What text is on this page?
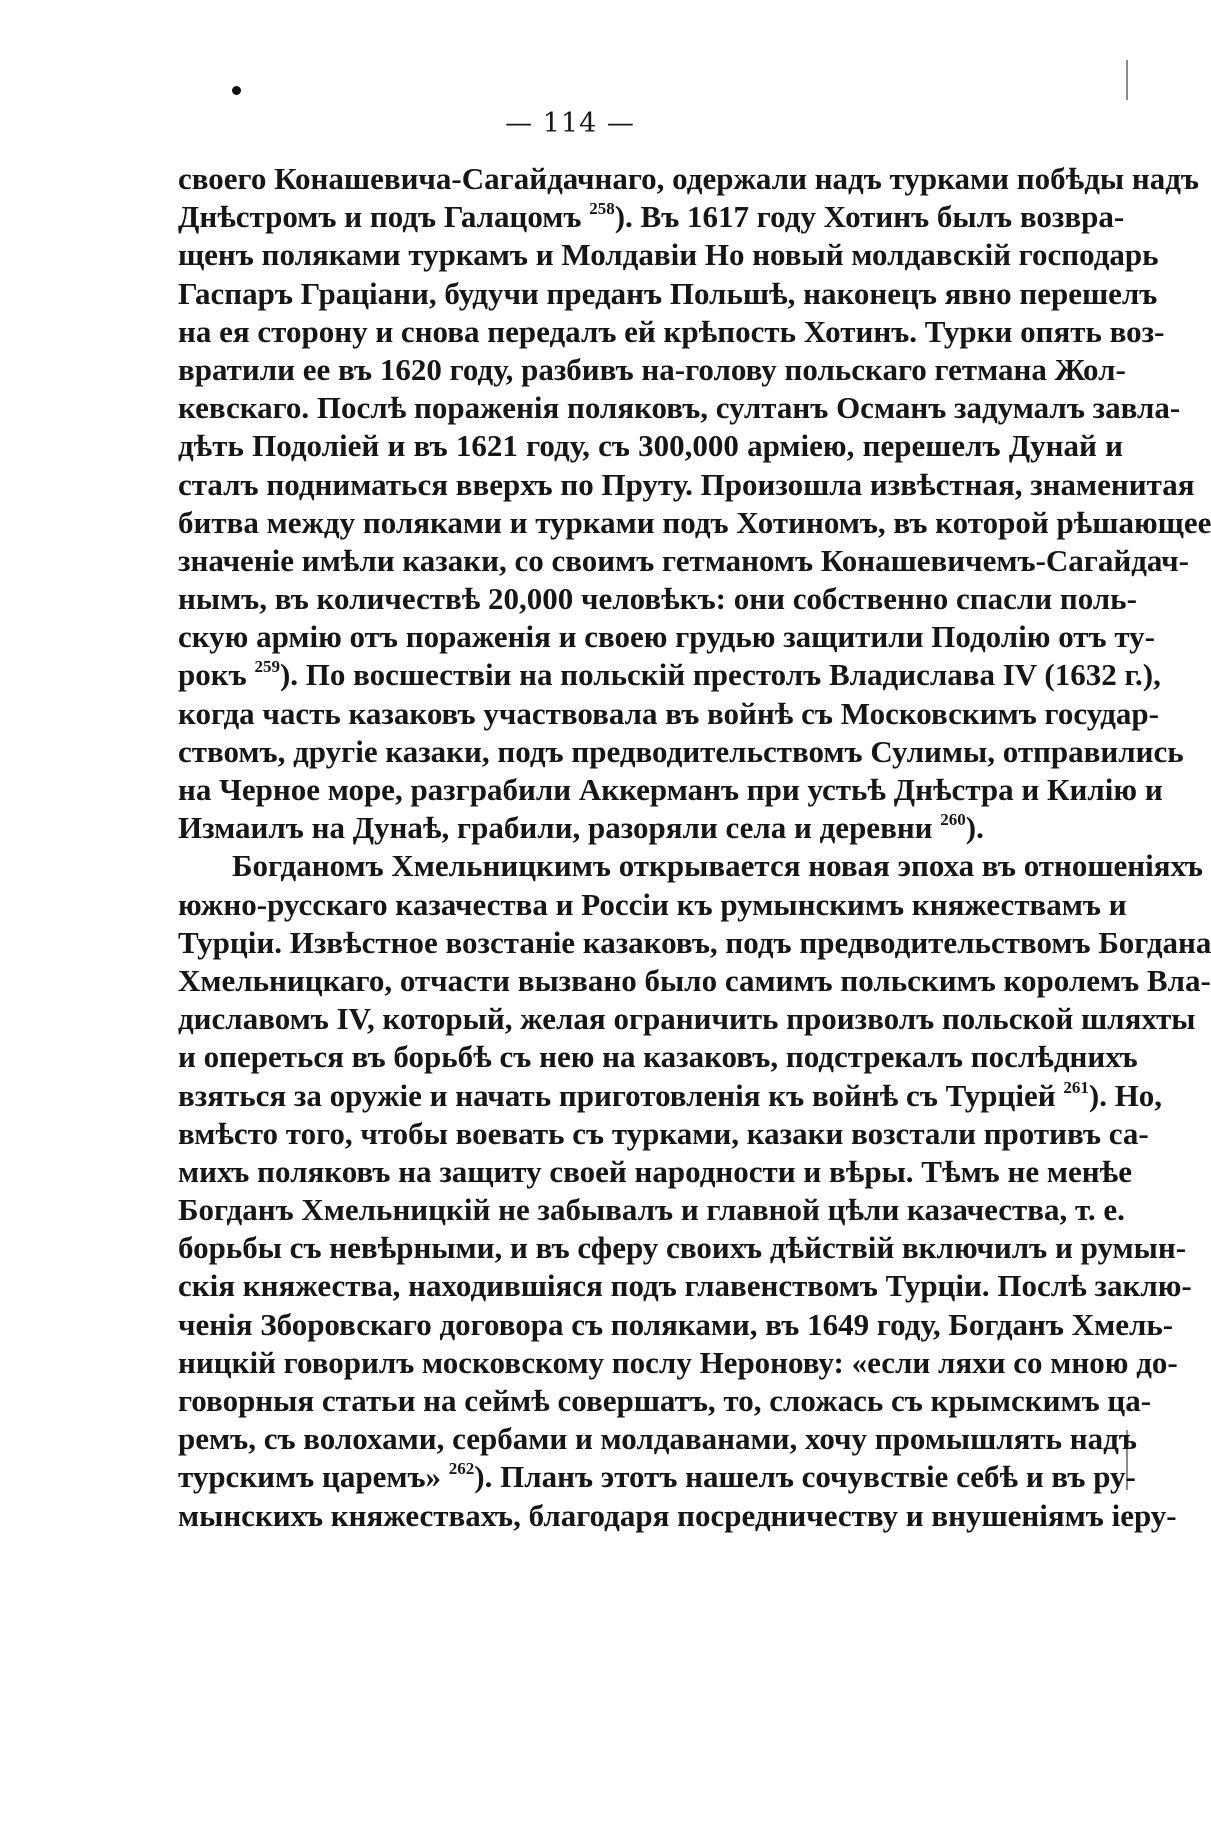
— 114 —
своего Конашевича-Сагайдачнаго, одержали надъ турками побѣды надъ
Днѣстромъ и подъ Галацомъ $^{258}$). Въ 1617 году Хотинъ былъ возвра-
щенъ поляками туркамъ и Молдавіи Но новый молдавскій господарь
Гаспаръ Граціани, будучи преданъ Польшѣ, наконецъ явно перешелъ
на ея сторону и снова передалъ ей крѣпость Хотинъ. Турки опять воз-
вратили ее въ 1620 году, разбивъ на-голову польскаго гетмана Жол-
кевскаго. Послѣ пораженія поляковъ, султанъ Османъ задумалъ завла-
дѣть Подоліей и въ 1621 году, съ 300,000 арміею, перешелъ Дунай и
сталъ подниматься вверхъ по Пруту. Произошла извѣстная, знаменитая
битва между поляками и турками подъ Хотиномъ, въ которой рѣшающее
значеніе имѣли казаки, со своимъ гетманомъ Конашевичемъ-Сагайдач-
нымъ, въ количествѣ 20,000 человѣкъ: они собственно спасли поль-
скую армію отъ пораженія и своею грудью защитили Подолію отъ ту-
рокъ $^{259}$). По восшествіи на польскій престолъ Владислава IV (1632 г.),
когда часть казаковъ участвовала въ войнѣ съ Московскимъ государ-
ствомъ, другіе казаки, подъ предводительствомъ Сулимы, отправились
на Черное море, разграбили Аккерманъ при устьѣ Днѣстра и Килію и
Измаилъ на Дунаѣ, грабили, разоряли села и деревни $^{260}$).
Богданомъ Хмельницкимъ открывается новая эпоха въ отношеніяхъ
южно-русскаго казачества и Россіи къ румынскимъ княжествамъ и
Турціи. Извѣстное возстаніе казаковъ, подъ предводительствомъ Богдана
Хмельницкаго, отчасти вызвано было самимъ польскимъ королемъ Вла-
диславомъ IV, который, желая ограничить произволъ польской шляхты
и опереться въ борьбѣ съ нею на казаковъ, подстрекалъ послѣднихъ
взяться за оружіе и начать приготовленія къ войнѣ съ Турціей $^{261}$). Но,
вмѣсто того, чтобы воевать съ турками, казаки возстали противъ са-
михъ поляковъ на защиту своей народности и вѣры. Тѣмъ не менѣе
Богданъ Хмельницкій не забывалъ и главной цѣли казачества, т. е.
борьбы съ невѣрными, и въ сферу своихъ дѣйствій включилъ и румын-
скія княжества, находившіяся подъ главенствомъ Турціи. Послѣ заклю-
ченія Зборовскаго договора съ поляками, въ 1649 году, Богданъ Хмель-
ницкій говорилъ московскому послу Неронову: «если ляхи со мною до-
говорныя статьи на сеймѣ совершатъ, то, сложась съ крымскимъ ца-
ремъ, съ волохами, сербами и молдаванами, хочу промышлять надъ
турскимъ царемъ» $^{262}$). Планъ этотъ нашелъ сочувствіе себѣ и въ ру-
мынскихъ княжествахъ, благодаря посредничеству и внушеніямъ іеру-
